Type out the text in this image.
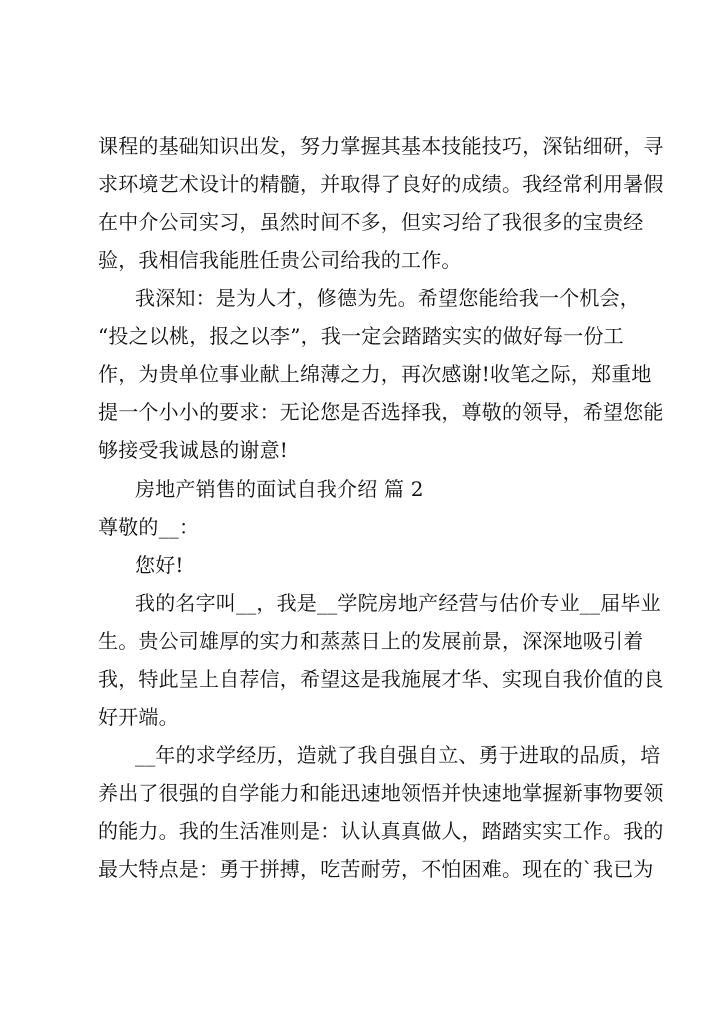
课程的基础知识出发，努力掌握其基本技能技巧，深钻细研，寻
求环境艺术设计的精髓，并取得了良好的成绩。我经常利用暑假
在中介公司实习，虽然时间不多，但实习给了我很多的宝贵经
验，我相信我能胜任贵公司给我的工作。
我深知：是为人才，修德为先。希望您能给我一个机会，
“投之以桃，报之以李”，我一定会踏踏实实的做好每一份工
作，为贵单位事业献上绵薄之力，再次感谢!收笔之际，郑重地
提一个小小的要求：无论您是否选择我，尊敬的领导，希望您能
够接受我诚恳的谢意!
房地产销售的面试自我介绍 篇 2
尊敬的__：
您好!
我的名字叫__，我是__学院房地产经营与估价专业__届毕业
生。贵公司雄厚的实力和蒸蒸日上的发展前景，深深地吸引着
我，特此呈上自荐信，希望这是我施展才华、实现自我价值的良
好开端。
__年的求学经历，造就了我自强自立、勇于进取的品质，培
养出了很强的自学能力和能迅速地领悟并快速地掌握新事物要领
的能力。我的生活准则是：认认真真做人，踏踏实实工作。我的
最大特点是：勇于拼搏，吃苦耐劳，不怕困难。现在的`我已为
